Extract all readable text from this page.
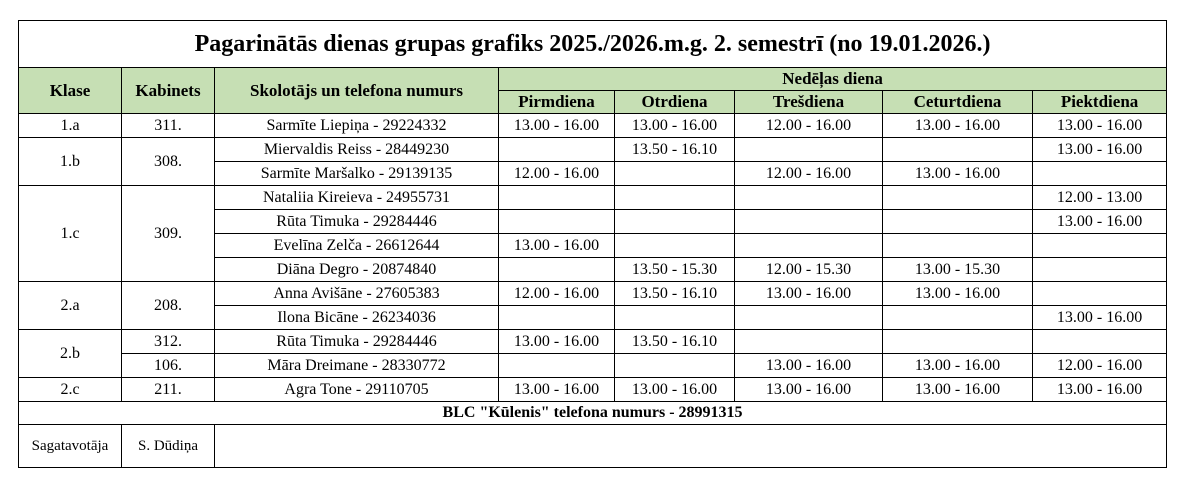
Pagarinātās dienas grupas grafiks 2025./2026.m.g. 2. semestrī (no 19.01.2026.)							
Klase	Kabinets	Skolotājs un telefona numurs	Nedēļas diena				
			Pirmdiena	Otrdiena	Trešdiena	Ceturtdiena	Piektdiena
1.a	311.	Sarmīte Liepiņa - 29224332	13.00 - 16.00	13.00 - 16.00	12.00 - 16.00	13.00 - 16.00	13.00 - 16.00
1.b	308.	Miervaldis Reiss - 28449230		13.50 - 16.10			13.00 - 16.00
		Sarmīte Maršalko - 29139135	12.00 - 16.00		12.00 - 16.00	13.00 - 16.00	
1.c	309.	Nataliia Kireieva - 24955731					12.00 - 13.00
		Rūta Timuka - 29284446					13.00 - 16.00
		Evelīna Zelča - 26612644	13.00 - 16.00				
		Diāna Degro - 20874840		13.50 - 15.30	12.00 - 15.30	13.00 - 15.30	
2.a	208.	Anna Avišāne - 27605383	12.00 - 16.00	13.50 - 16.10	13.00 - 16.00	13.00 - 16.00	
		Ilona Bicāne - 26234036					13.00 - 16.00
2.b	312.	Rūta Timuka - 29284446	13.00 - 16.00	13.50 - 16.10			
	106.	Māra Dreimane - 28330772			13.00 - 16.00	13.00 - 16.00	12.00 - 16.00
2.c	211.	Agra Tone - 29110705	13.00 - 16.00	13.00 - 16.00	13.00 - 16.00	13.00 - 16.00	13.00 - 16.00
BLC "Kūlenis" telefona numurs - 28991315							
Sagatavotāja	S. Dūdiņa						
